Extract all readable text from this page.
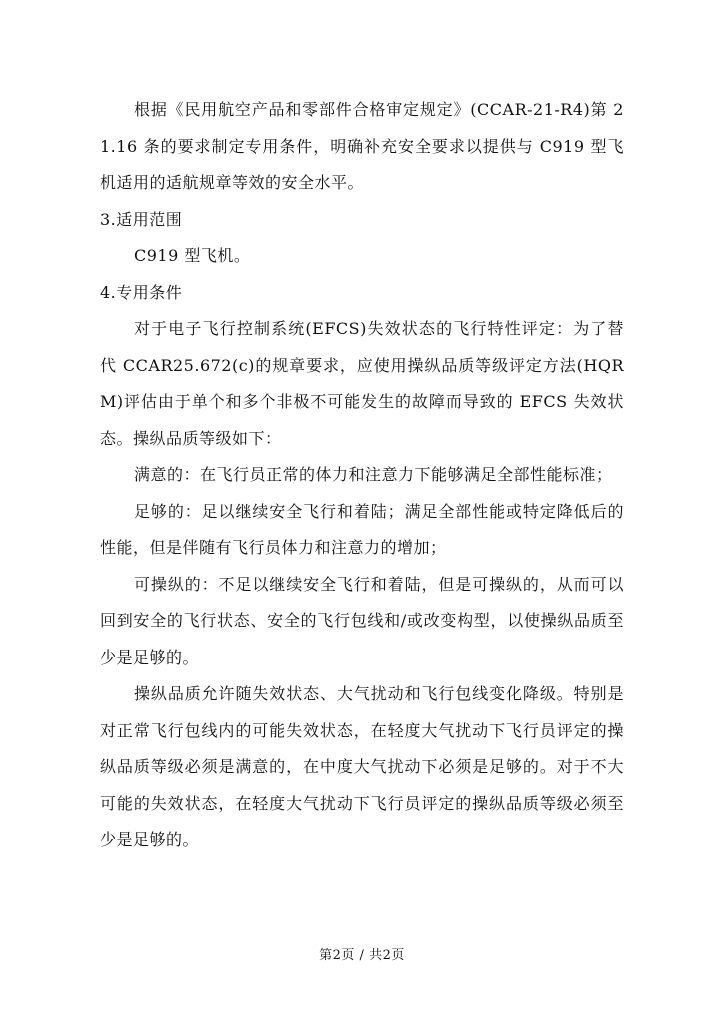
根据《民用航空产品和零部件合格审定规定》(CCAR-21-R4)第 21.16 条的要求制定专用条件，明确补充安全要求以提供与 C919 型飞机适用的适航规章等效的安全水平。

3.适用范围

C919 型飞机。

4.专用条件

对于电子飞行控制系统(EFCS)失效状态的飞行特性评定：为了替代 CCAR25.672(c)的规章要求，应使用操纵品质等级评定方法(HQRM)评估由于单个和多个非极不可能发生的故障而导致的 EFCS 失效状态。操纵品质等级如下：

满意的：在飞行员正常的体力和注意力下能够满足全部性能标准；

足够的：足以继续安全飞行和着陆；满足全部性能或特定降低后的性能，但是伴随有飞行员体力和注意力的增加；

可操纵的：不足以继续安全飞行和着陆，但是可操纵的，从而可以回到安全的飞行状态、安全的飞行包线和/或改变构型，以使操纵品质至少是足够的。

操纵品质允许随失效状态、大气扰动和飞行包线变化降级。特别是对正常飞行包线内的可能失效状态，在轻度大气扰动下飞行员评定的操纵品质等级必须是满意的，在中度大气扰动下必须是足够的。对于不大可能的失效状态，在轻度大气扰动下飞行员评定的操纵品质等级必须至少是足够的。

第2页 / 共2页
